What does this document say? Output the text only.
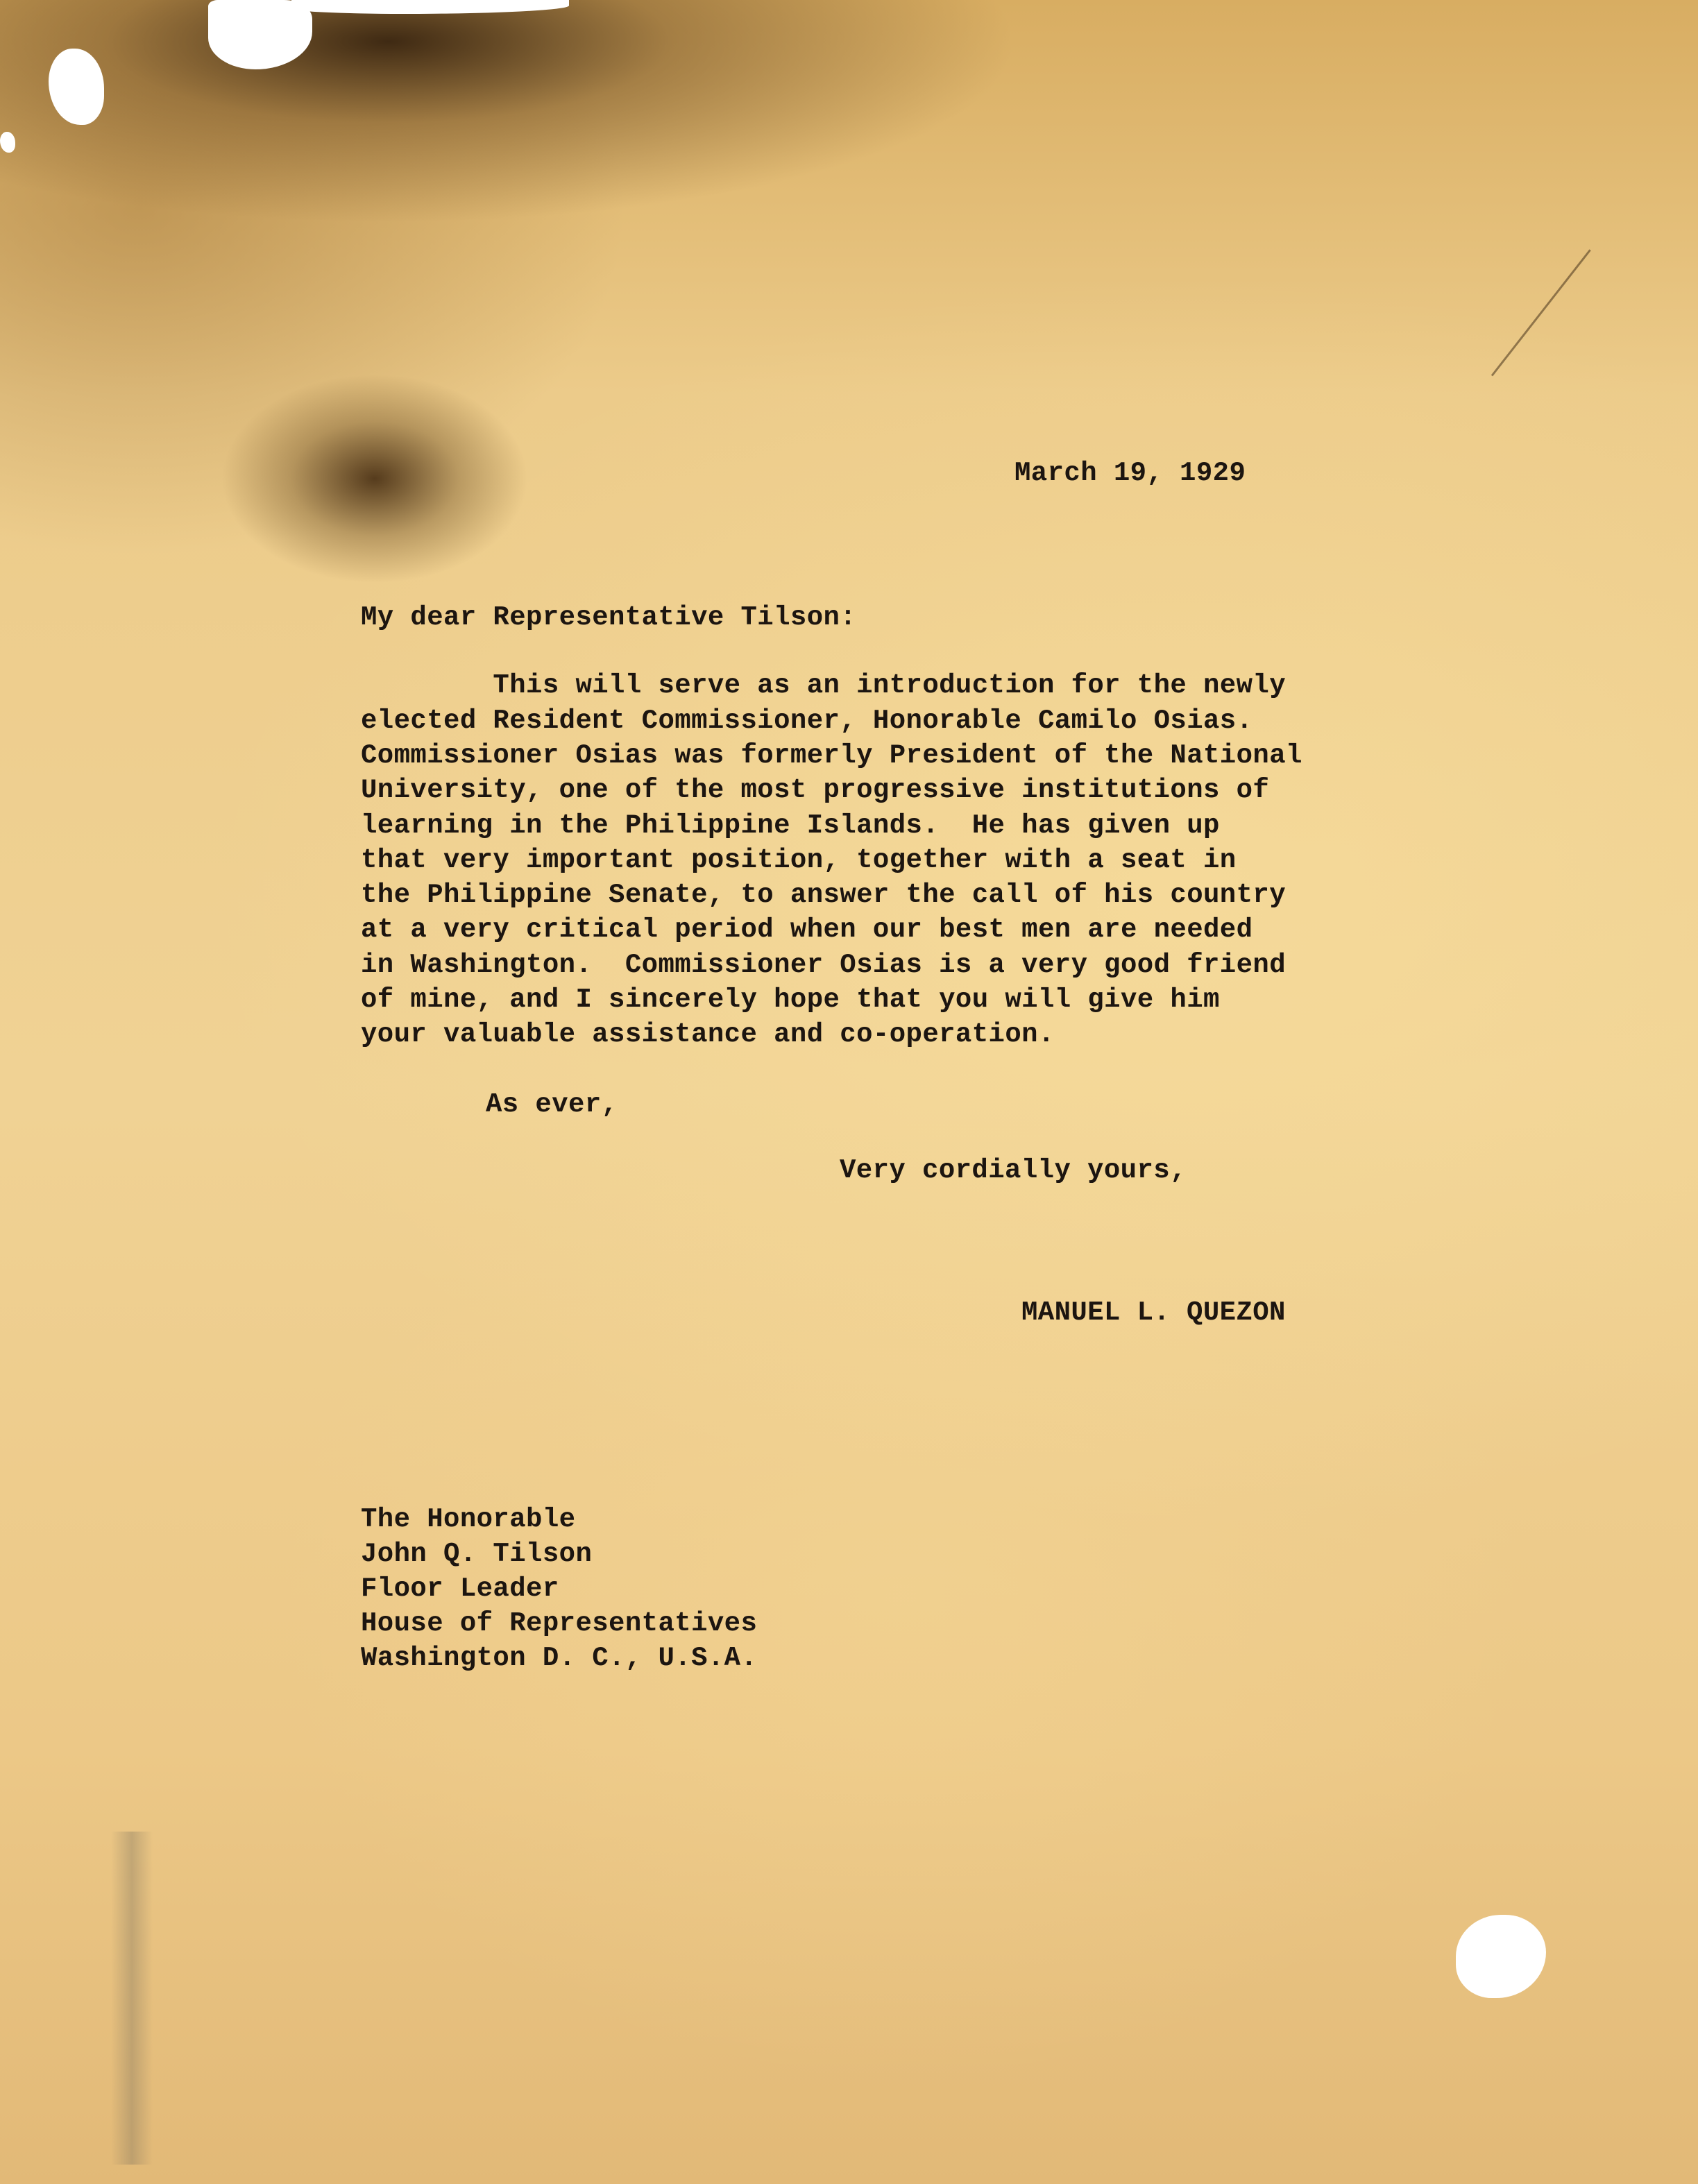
March 19, 1929
My dear Representative Tilson:
This will serve as an introduction for the newly
elected Resident Commissioner, Honorable Camilo Osias.
Commissioner Osias was formerly President of the National
University, one of the most progressive institutions of
learning in the Philippine Islands.  He has given up
that very important position, together with a seat in
the Philippine Senate, to answer the call of his country
at a very critical period when our best men are needed
in Washington.  Commissioner Osias is a very good friend
of mine, and I sincerely hope that you will give him
your valuable assistance and co-operation.
As ever,
Very cordially yours,
MANUEL L. QUEZON
The Honorable
John Q. Tilson
Floor Leader
House of Representatives
Washington D. C., U.S.A.
